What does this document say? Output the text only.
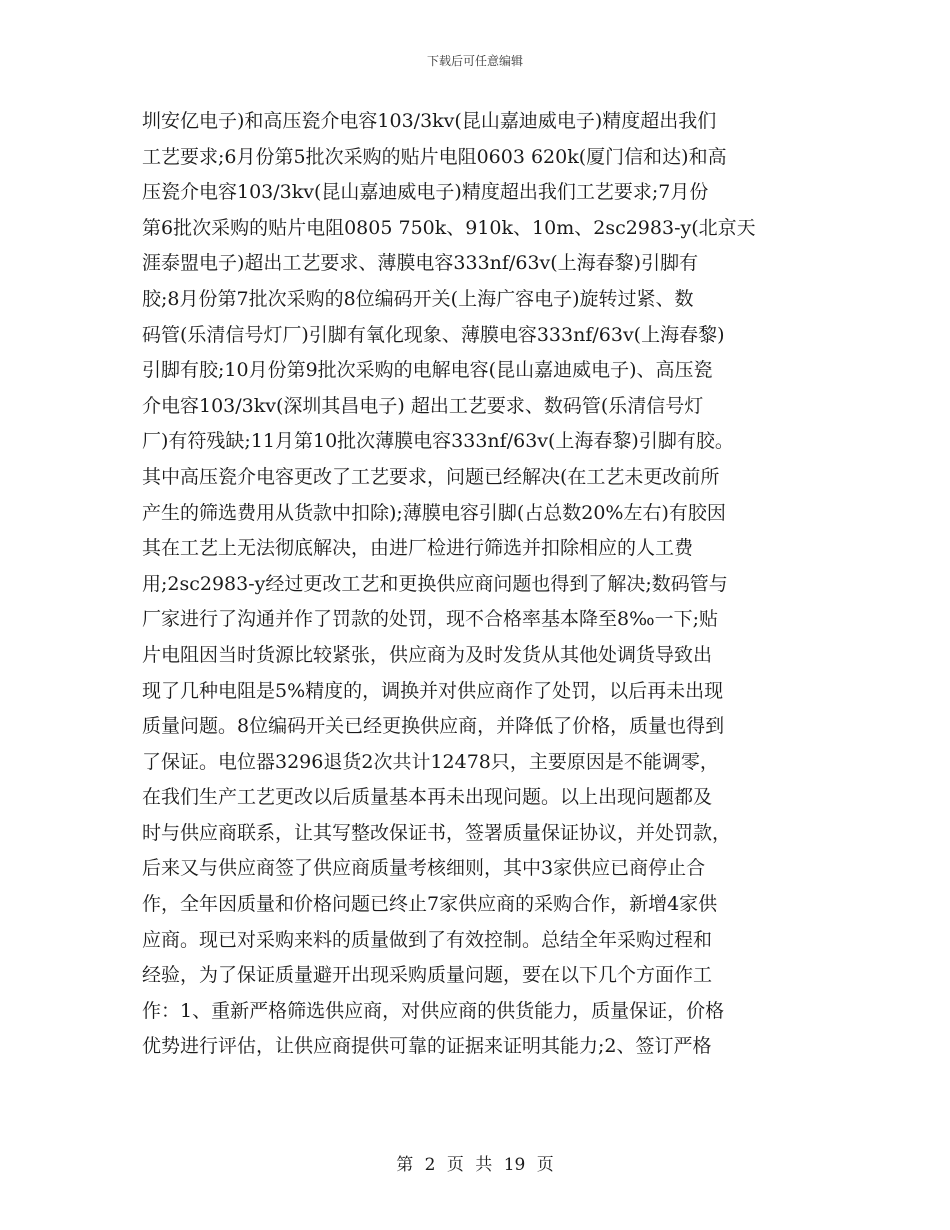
下载后可任意编辑
圳安亿电子)和高压瓷介电容103/3kv(昆山嘉迪威电子)精度超出我们
工艺要求;6月份第5批次采购的贴片电阻0603 620k(厦门信和达)和高
压瓷介电容103/3kv(昆山嘉迪威电子)精度超出我们工艺要求;7月份
第6批次采购的贴片电阻0805 750k、910k、10m、2sc2983-y(北京天
涯泰盟电子)超出工艺要求、薄膜电容333nf/63v(上海春黎)引脚有
胶;8月份第7批次采购的8位编码开关(上海广容电子)旋转过紧、数
码管(乐清信号灯厂)引脚有氧化现象、薄膜电容333nf/63v(上海春黎)
引脚有胶;10月份第9批次采购的电解电容(昆山嘉迪威电子)、高压瓷
介电容103/3kv(深圳其昌电子) 超出工艺要求、数码管(乐清信号灯
厂)有符残缺;11月第10批次薄膜电容333nf/63v(上海春黎)引脚有胶。
其中高压瓷介电容更改了工艺要求，问题已经解决(在工艺未更改前所
产生的筛选费用从货款中扣除);薄膜电容引脚(占总数20%左右)有胶因
其在工艺上无法彻底解决，由进厂检进行筛选并扣除相应的人工费
用;2sc2983-y经过更改工艺和更换供应商问题也得到了解决;数码管与
厂家进行了沟通并作了罚款的处罚，现不合格率基本降至8‰一下;贴
片电阻因当时货源比较紧张，供应商为及时发货从其他处调货导致出
现了几种电阻是5%精度的，调换并对供应商作了处罚，以后再未出现
质量问题。8位编码开关已经更换供应商，并降低了价格，质量也得到
了保证。电位器3296退货2次共计12478只，主要原因是不能调零，
在我们生产工艺更改以后质量基本再未出现问题。以上出现问题都及
时与供应商联系，让其写整改保证书，签署质量保证协议，并处罚款，
后来又与供应商签了供应商质量考核细则，其中3家供应已商停止合
作，全年因质量和价格问题已终止7家供应商的采购合作，新增4家供
应商。现已对采购来料的质量做到了有效控制。总结全年采购过程和
经验，为了保证质量避开出现采购质量问题，要在以下几个方面作工
作：1、重新严格筛选供应商，对供应商的供货能力，质量保证，价格
优势进行评估，让供应商提供可靠的证据来证明其能力;2、签订严格
第 2 页 共 19 页
